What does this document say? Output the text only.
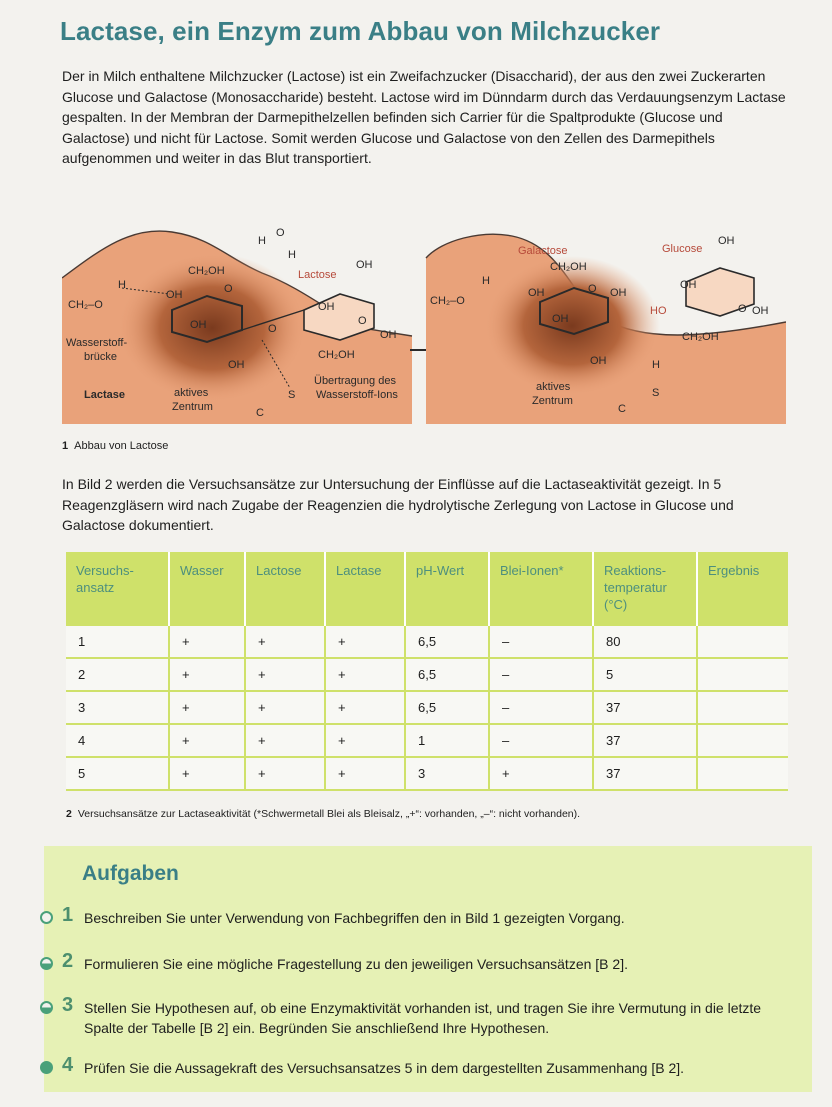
Lactase, ein Enzym zum Abbau von Milchzucker

Der in Milch enthaltene Milchzucker (Lactose) ist ein Zweifachzucker (Disaccharid), der aus den zwei Zuckerarten Glucose und Galactose (Monosaccharide) besteht. Lactose wird im Dünndarm durch das Verdauungsenzym Lactase gespalten. In der Membran der Darmepithelzellen befinden sich Carrier für die Spaltprodukte (Glucose und Galactose) und nicht für Lactose. Somit werden Glucose und Galactose von den Zellen des Darmepithels aufgenommen und weiter in das Blut transportiert.

CH₂–O
H
OH
CH₂OH
O
OH
OH
O
H
O
H
Lactose
OH
OH
O
OH
CH₂OH
Wasserstoff-
brücke
Lactase	aktives
Zentrum
S
C
Übertragung des
Wasserstoff-Ions
CH₂–O
H
Galactose
CH₂OH
OH	O OH
OH
OH
Glucose
OH
OH
HO	O OH
CH₂OH
H
S
C
aktives
Zentrum
1 Abbau von Lactose

In Bild 2 werden die Versuchsansätze zur Untersuchung der Einflüsse auf die Lactaseaktivität gezeigt. In 5 Reagenzgläsern wird nach Zugabe der Reagenzien die hydrolytische Zerlegung von Lactose in Glucose und Galactose dokumentiert.

Versuchs-
ansatz	Wasser	Lactose	Lactase	pH-Wert	Blei-Ionen*	Reaktions-
temperatur
(°C)	Ergebnis
1	+	+	+	6,5	–	80	
2	+	+	+	6,5	–	5	
3	+	+	+	6,5	–	37	
4	+	+	+	1	–	37	
5	+	+	+	3	+	37	
2 Versuchsansätze zur Lactaseaktivität (*Schwermetall Blei als Bleisalz, „+“: vorhanden, „–“: nicht vorhanden).
Aufgaben
1 Beschreiben Sie unter Verwendung von Fachbegriffen den in Bild 1 gezeigten Vorgang.
2 Formulieren Sie eine mögliche Fragestellung zu den jeweiligen Versuchsansätzen [B 2].
3 Stellen Sie Hypothesen auf, ob eine Enzymaktivität vorhanden ist, und tragen Sie ihre Vermutung in die letzte Spalte der Tabelle [B 2] ein. Begründen Sie anschließend Ihre Hypothesen.
4 Prüfen Sie die Aussagekraft des Versuchsansatzes 5 in dem dargestellten Zusammenhang [B 2].
